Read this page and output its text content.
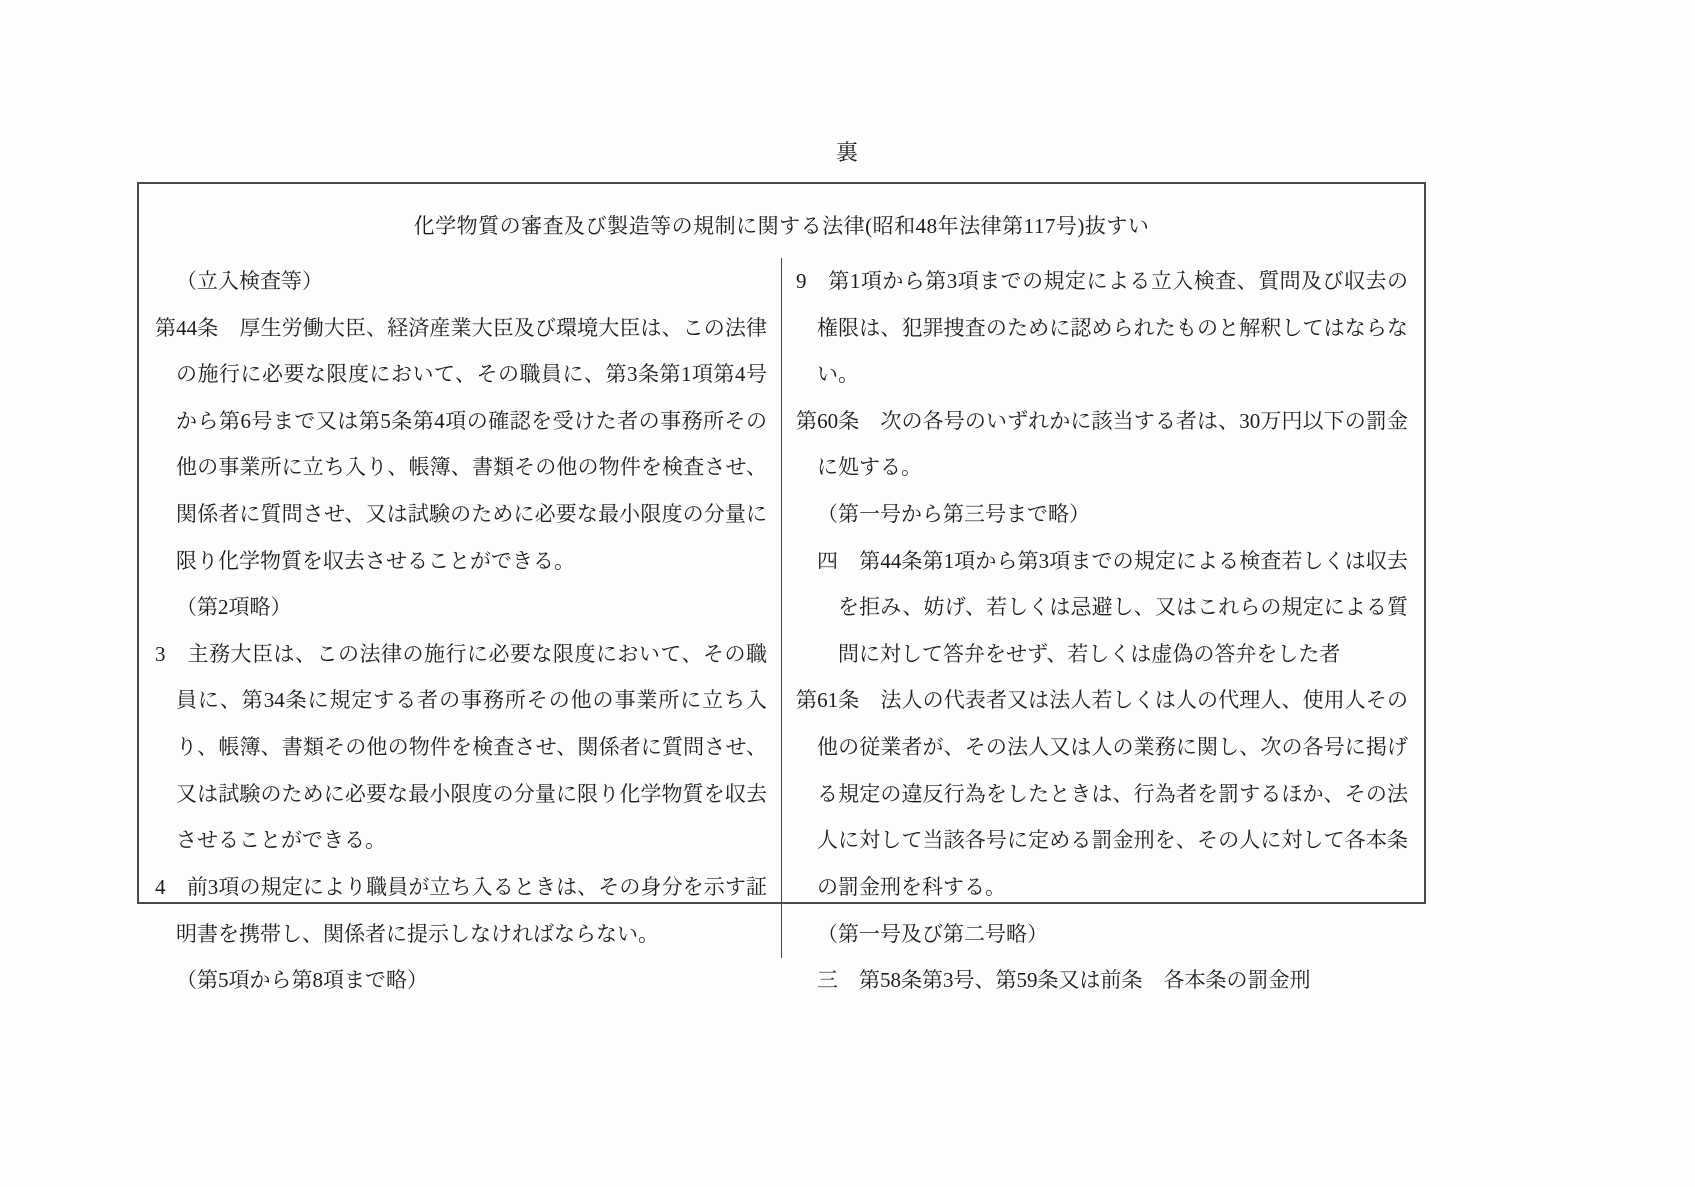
裏
化学物質の審査及び製造等の規制に関する法律(昭和48年法律第117号)抜すい

（立入検査等）

第44条　厚生労働大臣、経済産業大臣及び環境大臣は、この法律の施行に必要な限度において、その職員に、第3条第1項第4号から第6号まで又は第5条第4項の確認を受けた者の事務所その他の事業所に立ち入り、帳簿、書類その他の物件を検査させ、関係者に質問させ、又は試験のために必要な最小限度の分量に限り化学物質を収去させることができる。

（第2項略）

3　主務大臣は、この法律の施行に必要な限度において、その職員に、第34条に規定する者の事務所その他の事業所に立ち入り、帳簿、書類その他の物件を検査させ、関係者に質問させ、又は試験のために必要な最小限度の分量に限り化学物質を収去させることができる。

4　前3項の規定により職員が立ち入るときは、その身分を示す証明書を携帯し、関係者に提示しなければならない。

（第5項から第8項まで略）

9　第1項から第3項までの規定による立入検査、質問及び収去の権限は、犯罪捜査のために認められたものと解釈してはならない。

第60条　次の各号のいずれかに該当する者は、30万円以下の罰金に処する。

（第一号から第三号まで略）

四　第44条第1項から第3項までの規定による検査若しくは収去を拒み、妨げ、若しくは忌避し、又はこれらの規定による質問に対して答弁をせず、若しくは虚偽の答弁をした者

第61条　法人の代表者又は法人若しくは人の代理人、使用人その他の従業者が、その法人又は人の業務に関し、次の各号に掲げる規定の違反行為をしたときは、行為者を罰するほか、その法人に対して当該各号に定める罰金刑を、その人に対して各本条の罰金刑を科する。

（第一号及び第二号略）

三　第58条第3号、第59条又は前条　各本条の罰金刑
